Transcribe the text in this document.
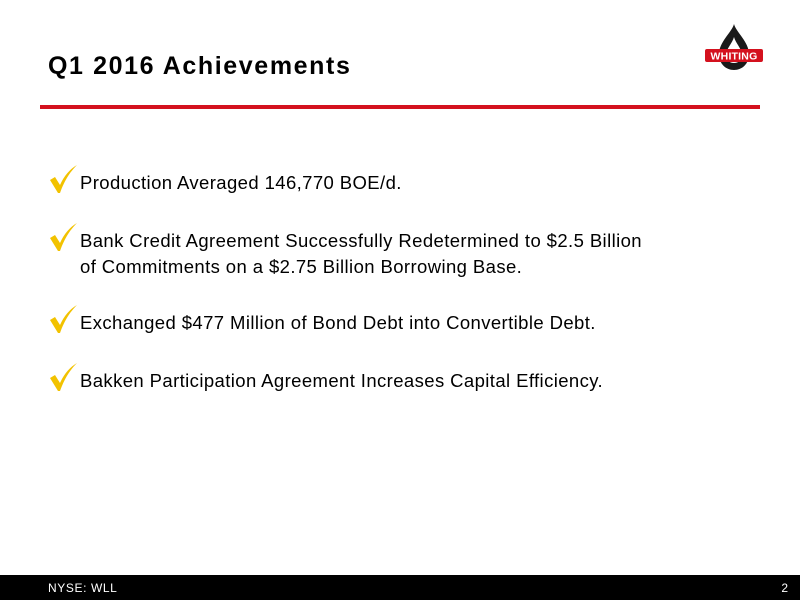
Q1 2016 Achievements	WHITING
Production Averaged 146,770 BOE/d.
Bank Credit Agreement Successfully Redetermined to $2.5 Billion
of Commitments on a $2.75 Billion Borrowing Base.
Exchanged $477 Million of Bond Debt into Convertible Debt.
Bakken Participation Agreement Increases Capital Efficiency.
NYSE: WLL	2
